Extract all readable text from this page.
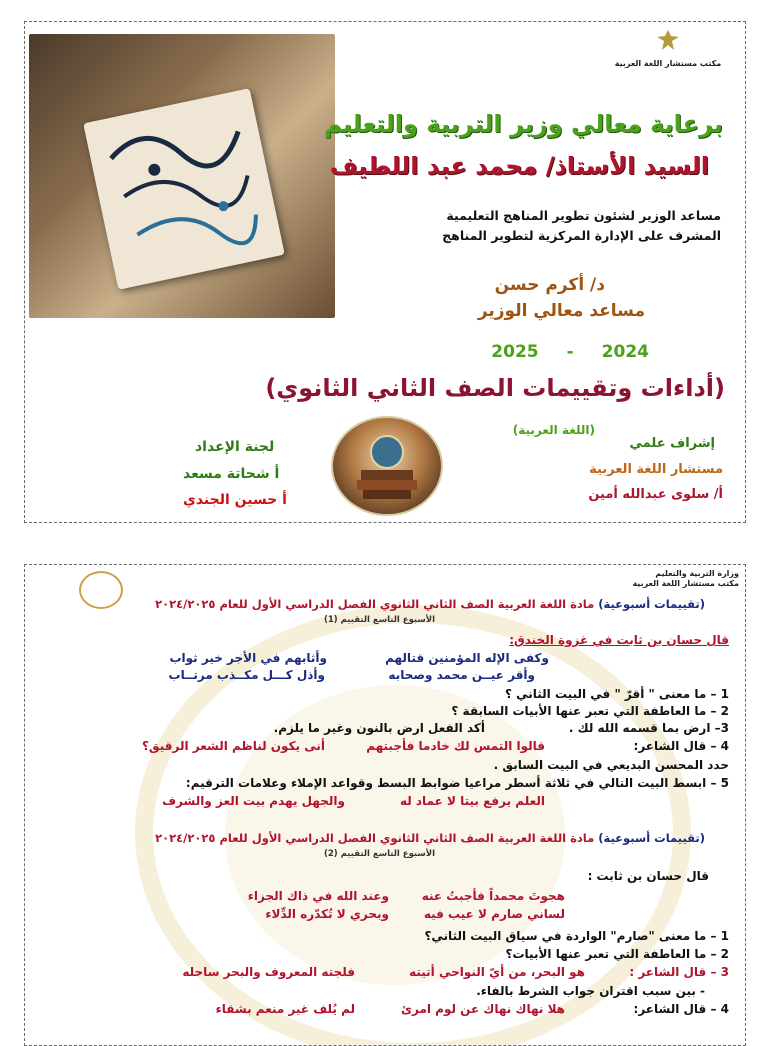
مكتب مستشار اللغة العربية
برعاية معالي وزير التربية والتعليم
السيد الأستاذ/ محمد عبد اللطيف
مساعد الوزير لشئون تطوير المناهج التعليمية
المشرف على الإدارة المركزية لتطوير المناهج
د/ أكرم حسن
مساعد معالي الوزير
2025 - 2024
(أداءات وتقييمات الصف الثاني الثانوي)
(اللغة العربية)
إشراف علمي
مستشار اللغة العربية
أ/ سلوى عبدالله أمين
لجنة الإعداد
أ شحاتة مسعد
أ حسين الجندي
وزارة التربية والتعليم
مكتب مستشار اللغة العربية
(تقييمات أسبوعية) مادة اللغة العربية الصف الثاني الثانوي الفصل الدراسي الأول للعام ٢٠٢٤/٢٠٢٥
الأسبوع التاسع التقييم (1)
قال حسان بن ثابت في غزوة الخندق:
وكفى الإله المؤمنين قتالهم
وأثابهم في الأجر خير ثواب
وأقر عيــن محمد وصحابه
وأذل كـــل مكــذب مرتــاب
1 – ما معنى " أقرّ " في البيت الثاني ؟
2 – ما العاطفة التي تعبر عنها الأبيات السابقة ؟
3– ارض بما قسمه الله لك .
أكد الفعل ارض بالنون وغير ما يلزم.
4 – قال الشاعر:
قالوا التمس لك خادما فأجبتهم
أنى يكون لناظم الشعر الرقيق؟
حدد المحسن البديعي في البيت السابق .
5 – ابسط البيت التالي في ثلاثة أسطر مراعيا ضوابط البسط وقواعد الإملاء وعلامات الترقيم:
العلم يرفع بيتا لا عماد له
والجهل يهدم بيت العز والشرف
(تقييمات أسبوعية) مادة اللغة العربية الصف الثاني الثانوي الفصل الدراسي الأول للعام ٢٠٢٤/٢٠٢٥
الأسبوع التاسع التقييم (2)
قال حسان بن ثابت :
هجوتَ محمداً فأجبتُ عنه
وعند الله في ذاك الجزاء
لساني صارم لا عيب فيه
وبحري لا تُكدّره الدِّلاء
1 – ما معنى "صارم" الواردة في سياق البيت الثاني؟
2 – ما العاطفة التي تعبر عنها الأبيات؟
3 – قال الشاعر :
هو البحر، من أيّ النواحي أتيته
فلجته المعروف والبحر ساحله
- بين سبب اقتران جواب الشرط بالفاء.
4 – قال الشاعر:
هلا نهاك نهاك عن لوم امرئ
لم يُلف غير منعم بشقاء
